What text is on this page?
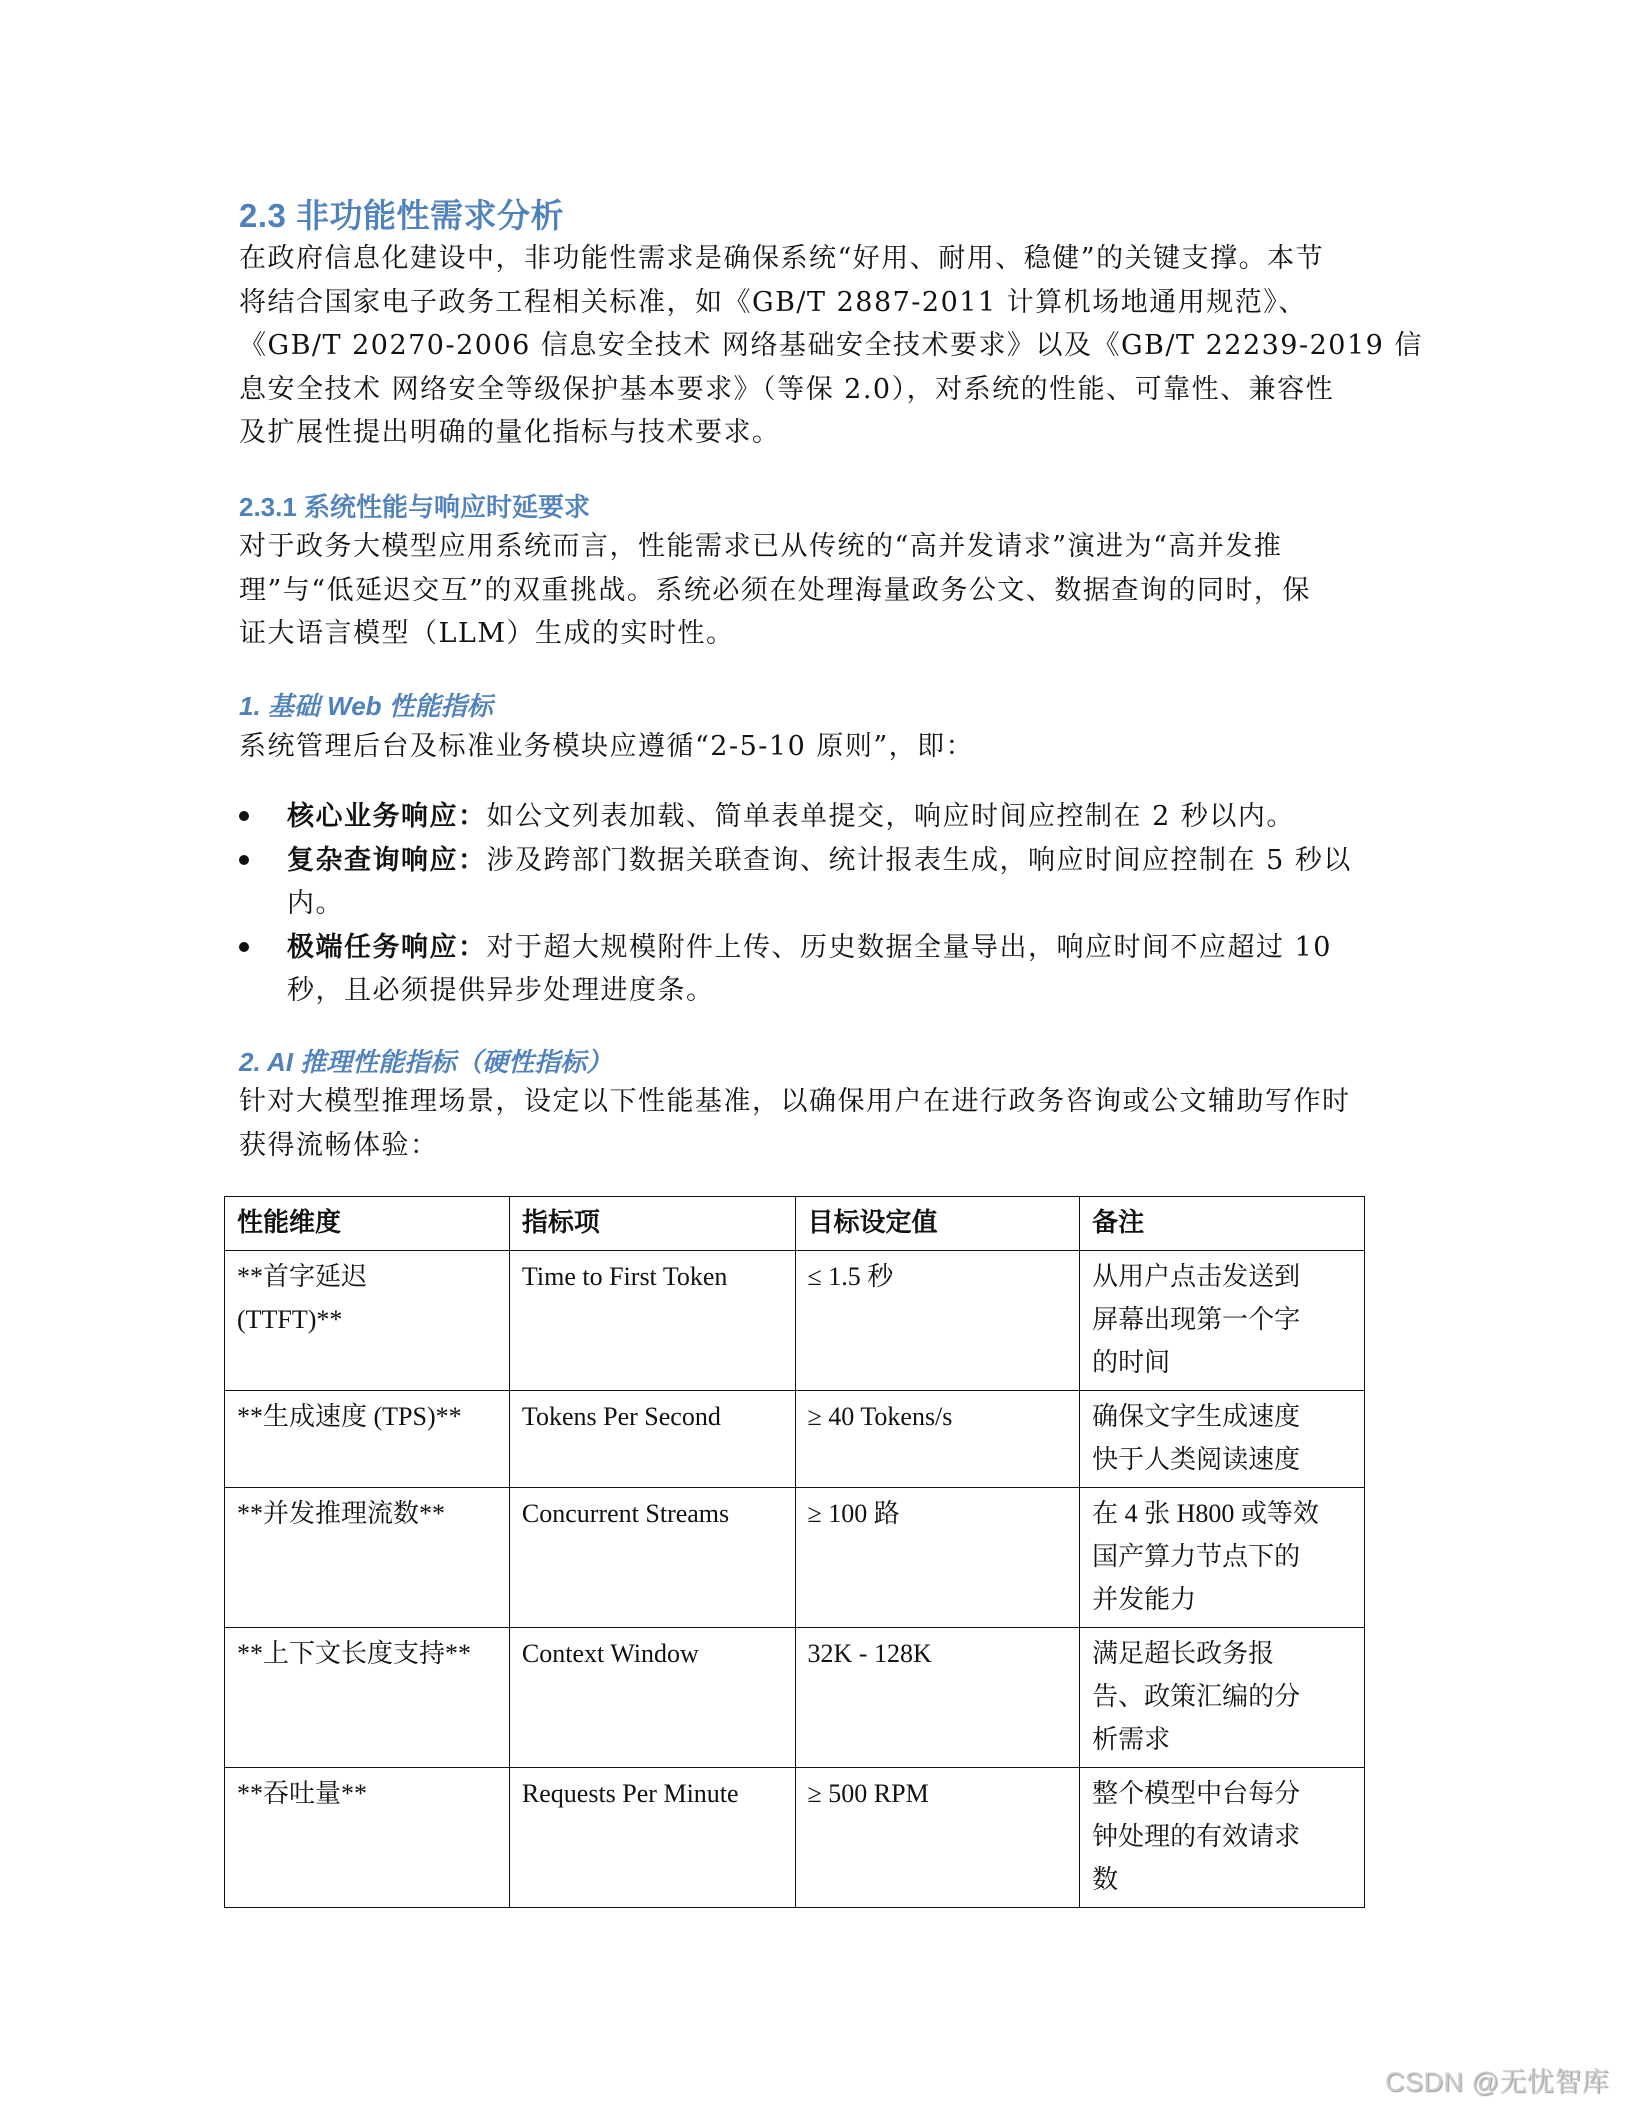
2.3 非功能性需求分析
在政府信息化建设中，非功能性需求是确保系统“好用、耐用、稳健”的关键支撑。本节
将结合国家电子政务工程相关标准，如《GB/T 2887-2011 计算机场地通用规范》、
《GB/T 20270-2006 信息安全技术 网络基础安全技术要求》以及《GB/T 22239-2019 信
息安全技术 网络安全等级保护基本要求》（等保 2.0），对系统的性能、可靠性、兼容性
及扩展性提出明确的量化指标与技术要求。
2.3.1 系统性能与响应时延要求
对于政务大模型应用系统而言，性能需求已从传统的“高并发请求”演进为“高并发推
理”与“低延迟交互”的双重挑战。系统必须在处理海量政务公文、数据查询的同时，保
证大语言模型（LLM）生成的实时性。
1. 基础 Web 性能指标
系统管理后台及标准业务模块应遵循“2-5-10 原则”，即：
核心业务响应：如公文列表加载、简单表单提交，响应时间应控制在 2 秒以内。
复杂查询响应：涉及跨部门数据关联查询、统计报表生成，响应时间应控制在 5 秒以
内。
极端任务响应：对于超大规模附件上传、历史数据全量导出，响应时间不应超过 10
秒，且必须提供异步处理进度条。
2. AI 推理性能指标（硬性指标）
针对大模型推理场景，设定以下性能基准，以确保用户在进行政务咨询或公文辅助写作时
获得流畅体验：
性能维度	指标项	目标设定值	备注

**首字延迟
(TTFT)**	Time to First Token	≤ 1.5 秒	从用户点击发送到
屏幕出现第一个字
的时间

**生成速度 (TPS)**	Tokens Per Second	≥ 40 Tokens/s	确保文字生成速度
快于人类阅读速度

**并发推理流数**	Concurrent Streams	≥ 100 路	在 4 张 H800 或等效
国产算力节点下的
并发能力

**上下文长度支持**	Context Window	32K - 128K	满足超长政务报
告、政策汇编的分
析需求

**吞吐量**	Requests Per Minute	≥ 500 RPM	整个模型中台每分
钟处理的有效请求
数
CSDN @无忧智库
